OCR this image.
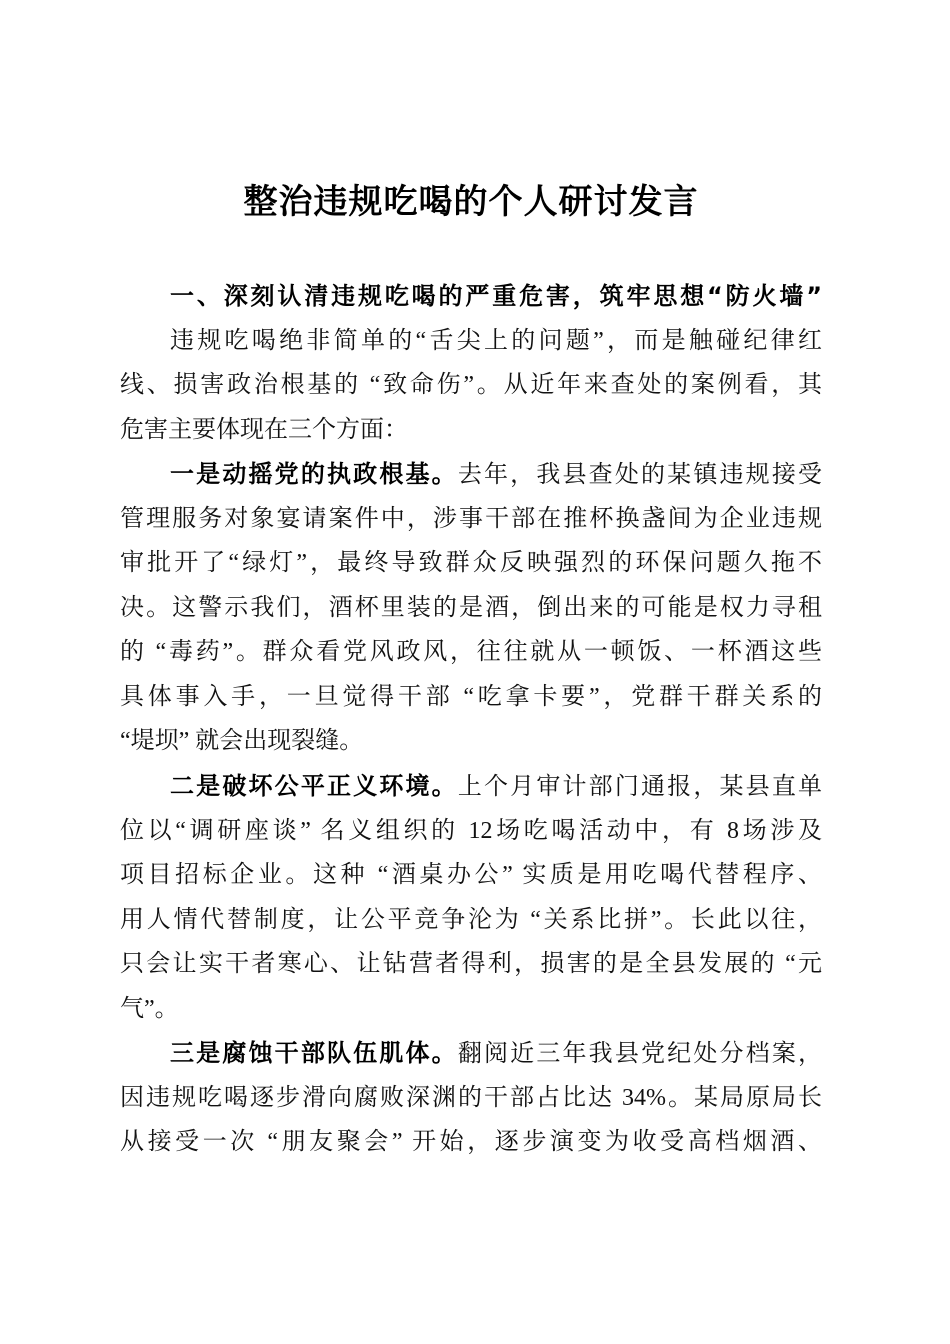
整治违规吃喝的个人研讨发言
一、深刻认清违规吃喝的严重危害，筑牢思想“防火墙”
违规吃喝绝非简单的“舌尖上的问题”，而是触碰纪律红
线、损害政治根基的 “致命伤”。从近年来查处的案例看，其
危害主要体现在三个方面：
一是动摇党的执政根基。去年，我县查处的某镇违规接受
管理服务对象宴请案件中，涉事干部在推杯换盏间为企业违规
审批开了“绿灯”，最终导致群众反映强烈的环保问题久拖不
决。这警示我们，酒杯里装的是酒，倒出来的可能是权力寻租
的 “毒药”。群众看党风政风，往往就从一顿饭、一杯酒这些
具体事入手，一旦觉得干部 “吃拿卡要”，党群干群关系的
“堤坝” 就会出现裂缝。
二是破坏公平正义环境。上个月审计部门通报，某县直单
位以“调研座谈” 名义组织的 12场吃喝活动中，有 8场涉及
项目招标企业。这种 “酒桌办公” 实质是用吃喝代替程序、
用人情代替制度，让公平竞争沦为 “关系比拼”。长此以往，
只会让实干者寒心、让钻营者得利，损害的是全县发展的 “元
气”。
三是腐蚀干部队伍肌体。翻阅近三年我县党纪处分档案，
因违规吃喝逐步滑向腐败深渊的干部占比达 34%。某局原局长
从接受一次 “朋友聚会” 开始，逐步演变为收受高档烟酒、
